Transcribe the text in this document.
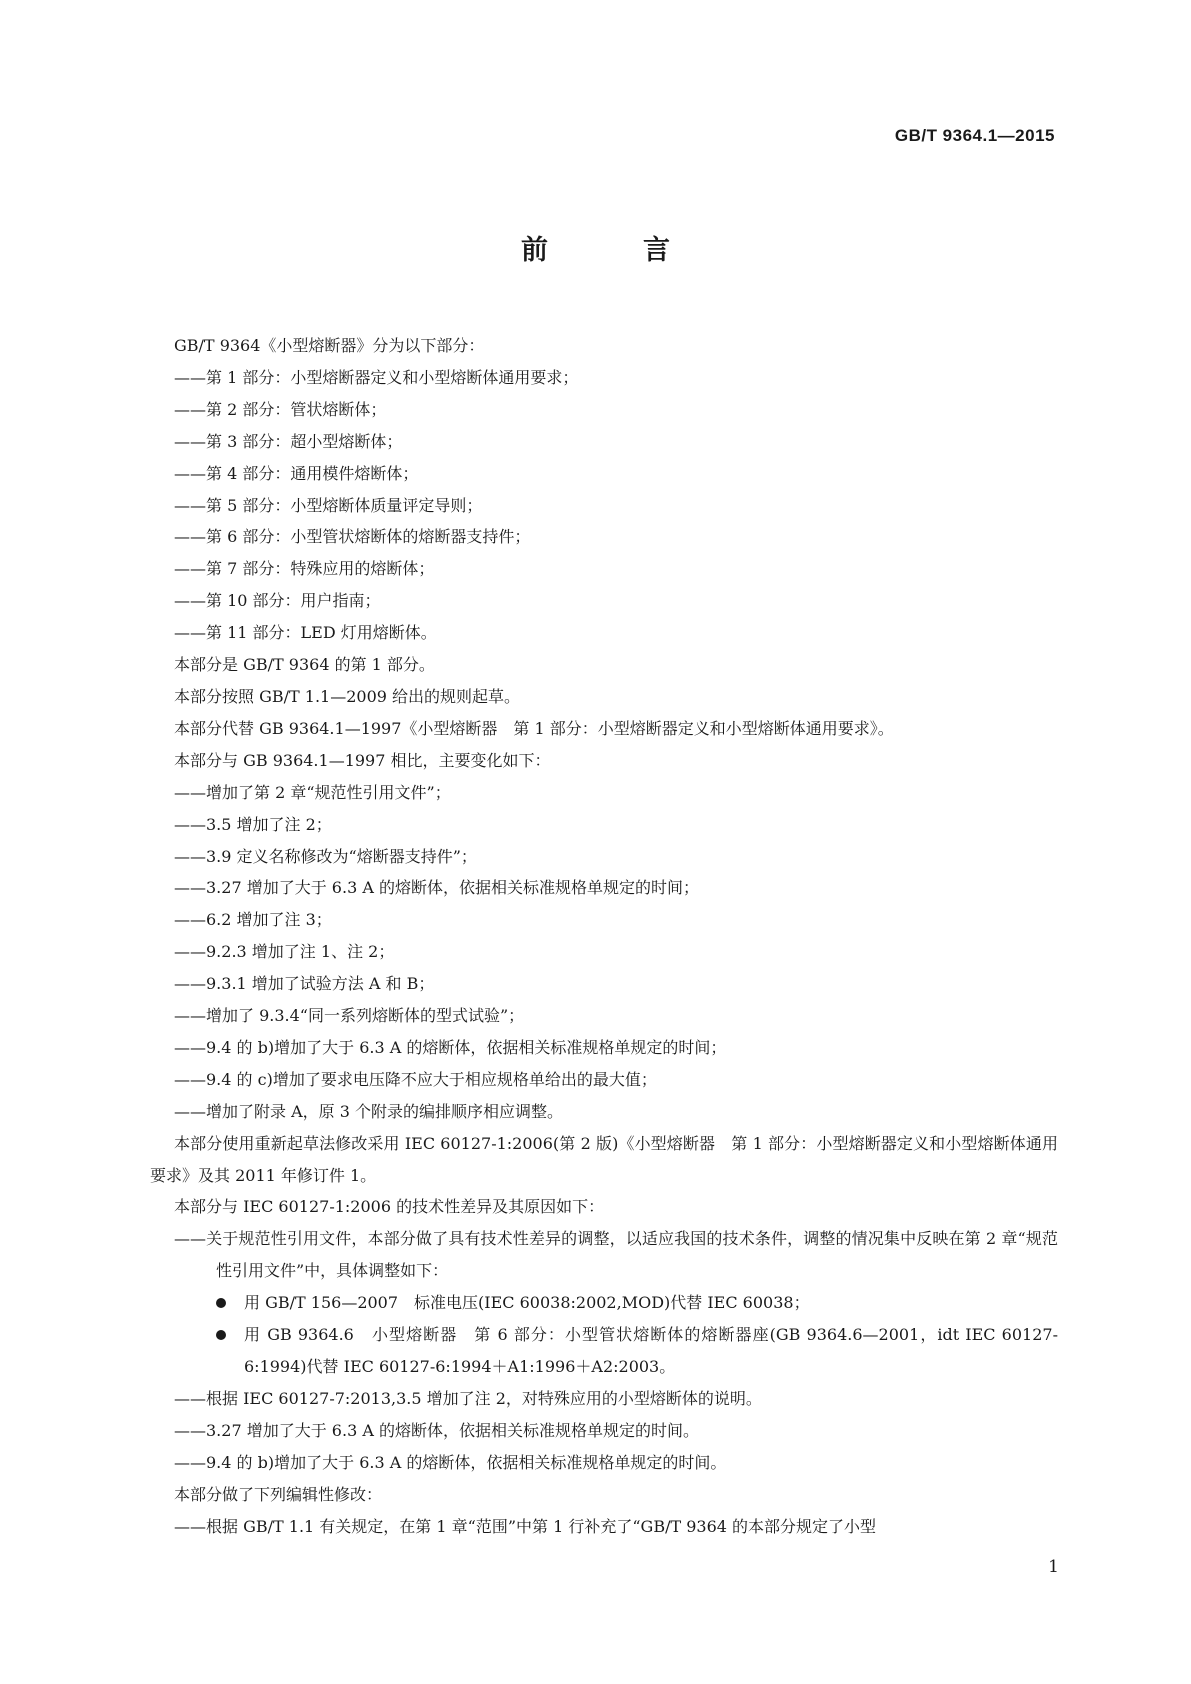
GB/T 9364.1—2015
前　言

GB/T 9364《小型熔断器》分为以下部分：

——第 1 部分：小型熔断器定义和小型熔断体通用要求；

——第 2 部分：管状熔断体；

——第 3 部分：超小型熔断体；

——第 4 部分：通用模件熔断体；

——第 5 部分：小型熔断体质量评定导则；

——第 6 部分：小型管状熔断体的熔断器支持件；

——第 7 部分：特殊应用的熔断体；

——第 10 部分：用户指南；

——第 11 部分：LED 灯用熔断体。

本部分是 GB/T 9364 的第 1 部分。

本部分按照 GB/T 1.1—2009 给出的规则起草。

本部分代替 GB 9364.1—1997《小型熔断器　第 1 部分：小型熔断器定义和小型熔断体通用要求》。

本部分与 GB 9364.1—1997 相比，主要变化如下：

——增加了第 2 章“规范性引用文件”；

——3.5 增加了注 2；

——3.9 定义名称修改为“熔断器支持件”；

——3.27 增加了大于 6.3 A 的熔断体，依据相关标准规格单规定的时间；

——6.2 增加了注 3；

——9.2.3 增加了注 1、注 2；

——9.3.1 增加了试验方法 A 和 B；

——增加了 9.3.4“同一系列熔断体的型式试验”；

——9.4 的 b)增加了大于 6.3 A 的熔断体，依据相关标准规格单规定的时间；

——9.4 的 c)增加了要求电压降不应大于相应规格单给出的最大值；

——增加了附录 A，原 3 个附录的编排顺序相应调整。

本部分使用重新起草法修改采用 IEC 60127-1:2006(第 2 版)《小型熔断器　第 1 部分：小型熔断器定义和小型熔断体通用要求》及其 2011 年修订件 1。

本部分与 IEC 60127-1:2006 的技术性差异及其原因如下：

——关于规范性引用文件，本部分做了具有技术性差异的调整，以适应我国的技术条件，调整的情况集中反映在第 2 章“规范性引用文件”中，具体调整如下：

用 GB/T 156—2007　标准电压(IEC 60038:2002,MOD)代替 IEC 60038；
用 GB 9364.6　小型熔断器　第 6 部分：小型管状熔断体的熔断器座(GB 9364.6—2001，idt IEC 60127-6:1994)代替 IEC 60127-6:1994＋A1:1996＋A2:2003。

——根据 IEC 60127-7:2013,3.5 增加了注 2，对特殊应用的小型熔断体的说明。

——3.27 增加了大于 6.3 A 的熔断体，依据相关标准规格单规定的时间。

——9.4 的 b)增加了大于 6.3 A 的熔断体，依据相关标准规格单规定的时间。

本部分做了下列编辑性修改：

——根据 GB/T 1.1 有关规定，在第 1 章“范围”中第 1 行补充了“GB/T 9364 的本部分规定了小型

1
